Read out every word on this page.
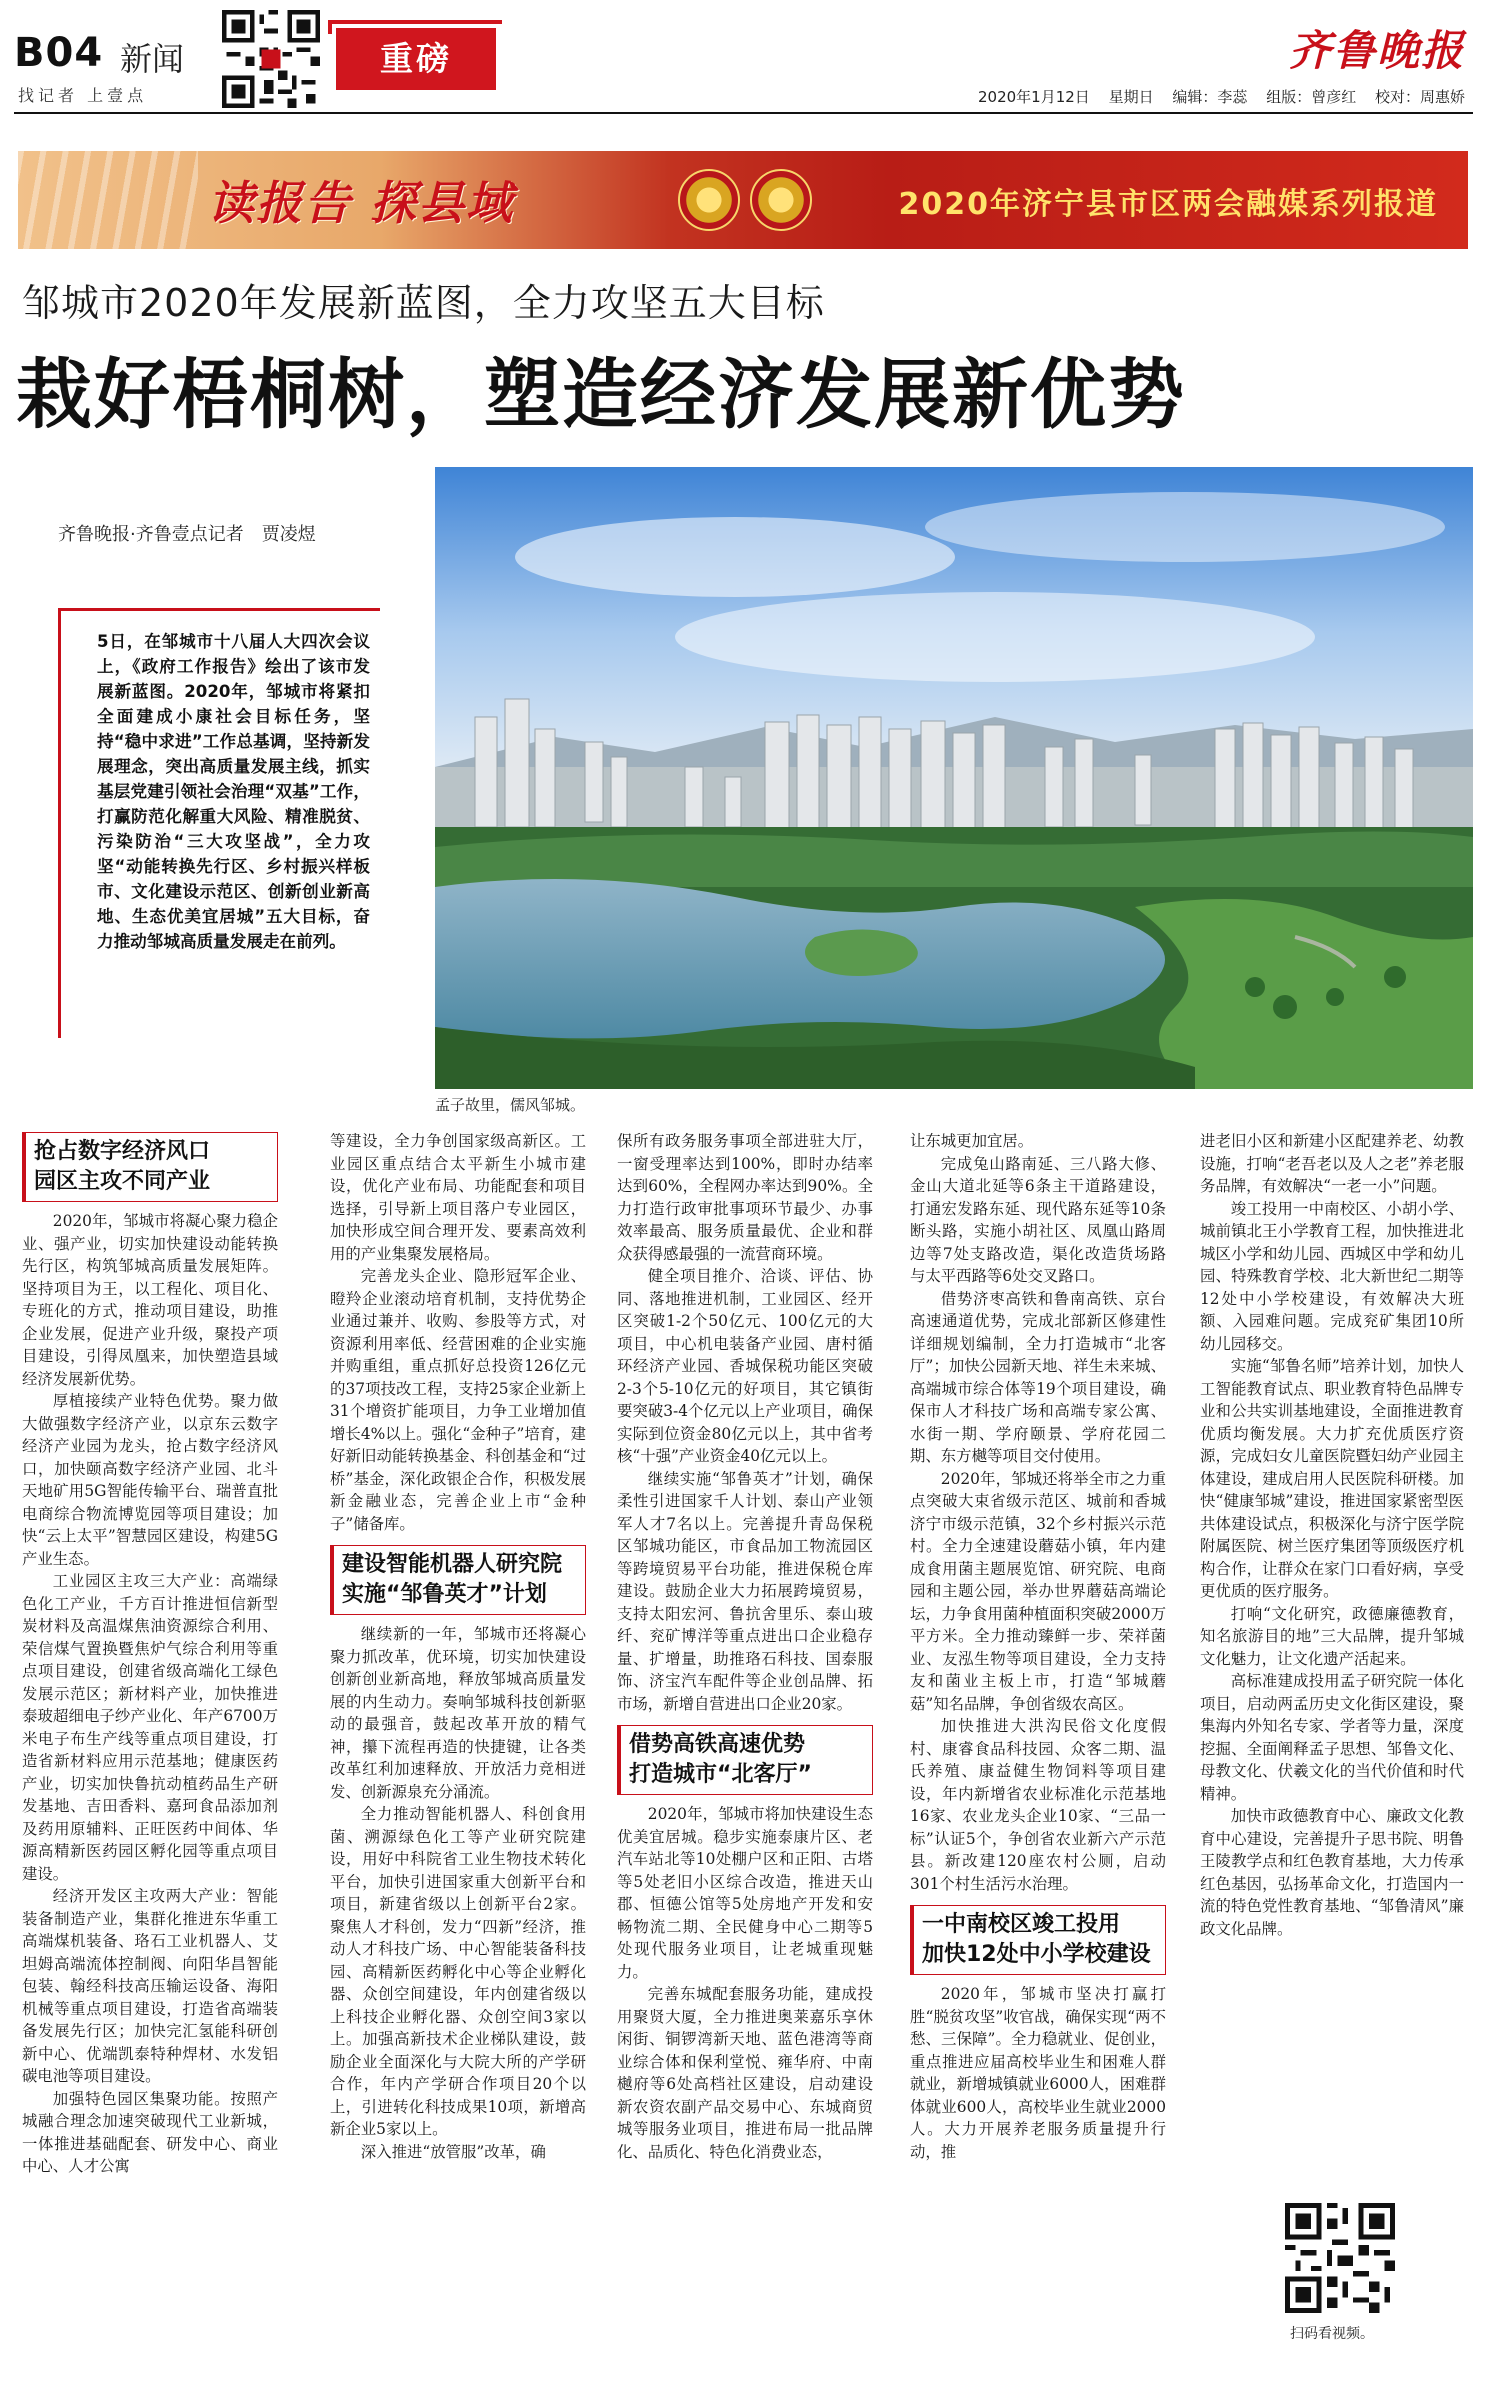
B04 新闻
找记者 上壹点
重磅	齐鲁晚报
2020年1月12日 星期日 编辑：李蕊 组版：曾彦红 校对：周惠娇
读报告 探县域	2020年济宁县市区两会融媒系列报道
邹城市2020年发展新蓝图，全力攻坚五大目标
栽好梧桐树，塑造经济发展新优势
齐鲁晚报·齐鲁壹点记者　贾凌煜
5日，在邹城市十八届人大四次会议上，《政府工作报告》绘出了该市发展新蓝图。2020年，邹城市将紧扣全面建成小康社会目标任务，坚持“稳中求进”工作总基调，坚持新发展理念，突出高质量发展主线，抓实基层党建引领社会治理“双基”工作，打赢防范化解重大风险、精准脱贫、污染防治“三大攻坚战”，全力攻坚“动能转换先行区、乡村振兴样板市、文化建设示范区、创新创业新高地、生态优美宜居城”五大目标，奋力推动邹城高质量发展走在前列。
孟子故里，儒风邹城。
抢占数字经济风口
园区主攻不同产业

2020年，邹城市将凝心聚力稳企业、强产业，切实加快建设动能转换先行区，构筑邹城高质量发展矩阵。坚持项目为王，以工程化、项目化、专班化的方式，推动项目建设，助推企业发展，促进产业升级，聚投产项目建设，引得凤凰来，加快塑造县域经济发展新优势。

厚植接续产业特色优势。聚力做大做强数字经济产业，以京东云数字经济产业园为龙头，抢占数字经济风口，加快颐高数字经济产业园、北斗天地矿用5G智能传输平台、瑞普直批电商综合物流博览园等项目建设；加快“云上太平”智慧园区建设，构建5G产业生态。

工业园区主攻三大产业：高端绿色化工产业，千方百计推进恒信新型炭材料及高温煤焦油资源综合利用、荣信煤气置换暨焦炉气综合利用等重点项目建设，创建省级高端化工绿色发展示范区；新材料产业，加快推进泰玻超细电子纱产业化、年产6700万米电子布生产线等重点项目建设，打造省新材料应用示范基地；健康医药产业，切实加快鲁抗动植药品生产研发基地、吉田香料、嘉珂食品添加剂及药用原辅料、正旺医药中间体、华源高精新医药园区孵化园等重点项目建设。

经济开发区主攻两大产业：智能装备制造产业，集群化推进东华重工高端煤机装备、珞石工业机器人、艾坦姆高端流体控制阀、向阳华昌智能包装、翰经科技高压输运设备、海阳机械等重点项目建设，打造省高端装备发展先行区；加快完汇氢能科研创新中心、优端凯泰特种焊材、水发铝碳电池等项目建设。

加强特色园区集聚功能。按照产城融合理念加速突破现代工业新城，一体推进基础配套、研发中心、商业中心、人才公寓

等建设，全力争创国家级高新区。工业园区重点结合太平新生小城市建设，优化产业布局、功能配套和项目选择，引导新上项目落户专业园区，加快形成空间合理开发、要素高效利用的产业集聚发展格局。

完善龙头企业、隐形冠军企业、瞪羚企业滚动培育机制，支持优势企业通过兼并、收购、参股等方式，对资源利用率低、经营困难的企业实施并购重组，重点抓好总投资126亿元的37项技改工程，支持25家企业新上31个增资扩能项目，力争工业增加值增长4%以上。强化“金种子”培育，建好新旧动能转换基金、科创基金和“过桥”基金，深化政银企合作，积极发展新金融业态，完善企业上市“金种子”储备库。

建设智能机器人研究院
实施“邹鲁英才”计划

继续新的一年，邹城市还将凝心聚力抓改革，优环境，切实加快建设创新创业新高地，释放邹城高质量发展的内生动力。奏响邹城科技创新驱动的最强音，鼓起改革开放的精气神，攥下流程再造的快捷键，让各类改革红利加速释放、开放活力竞相迸发、创新源泉充分涌流。

全力推动智能机器人、科创食用菌、溯源绿色化工等产业研究院建设，用好中科院省工业生物技术转化平台，加快引进国家重大创新平台和项目，新建省级以上创新平台2家。聚焦人才科创，发力“四新”经济，推动人才科技广场、中心智能装备科技园、高精新医药孵化中心等企业孵化器、众创空间建设，年内创建省级以上科技企业孵化器、众创空间3家以上。加强高新技术企业梯队建设，鼓励企业全面深化与大院大所的产学研合作，年内产学研合作项目20个以上，引进转化科技成果10项，新增高新企业5家以上。

深入推进“放管服”改革，确

保所有政务服务事项全部进驻大厅，一窗受理率达到100%，即时办结率达到60%，全程网办率达到90%。全力打造行政审批事项环节最少、办事效率最高、服务质量最优、企业和群众获得感最强的一流营商环境。

健全项目推介、洽谈、评估、协同、落地推进机制，工业园区、经开区突破1-2个50亿元、100亿元的大项目，中心机电装备产业园、唐村循环经济产业园、香城保税功能区突破2-3个5-10亿元的好项目，其它镇街要突破3-4个亿元以上产业项目，确保实际到位资金80亿元以上，其中省考核“十强”产业资金40亿元以上。

继续实施“邹鲁英才”计划，确保柔性引进国家千人计划、泰山产业领军人才7名以上。完善提升青岛保税区邹城功能区，市食品加工物流园区等跨境贸易平台功能，推进保税仓库建设。鼓励企业大力拓展跨境贸易，支持太阳宏河、鲁抗舍里乐、泰山玻纤、兖矿博洋等重点进出口企业稳存量、扩增量，助推珞石科技、国泰服饰、济宝汽车配件等企业创品牌、拓市场，新增自营进出口企业20家。

借势高铁高速优势
打造城市“北客厅”

2020年，邹城市将加快建设生态优美宜居城。稳步实施泰康片区、老汽车站北等10处棚户区和正阳、古塔等5处老旧小区综合改造，推进天山郡、恒德公馆等5处房地产开发和安畅物流二期、全民健身中心二期等5处现代服务业项目，让老城重现魅力。

完善东城配套服务功能，建成投用聚贤大厦，全力推进奥莱嘉乐享休闲街、铜锣湾新天地、蓝色港湾等商业综合体和保利堂悦、雍华府、中南樾府等6处高档社区建设，启动建设新农资农副产品交易中心、东城商贸城等服务业项目，推进布局一批品牌化、品质化、特色化消费业态，

让东城更加宜居。

完成兔山路南延、三八路大修、金山大道北延等6条主干道路建设，打通宏发路东延、现代路东延等10条断头路，实施小胡社区、凤凰山路周边等7处支路改造，渠化改造货场路与太平西路等6处交叉路口。

借势济枣高铁和鲁南高铁、京台高速通道优势，完成北部新区修建性详细规划编制，全力打造城市“北客厅”；加快公园新天地、祥生未来城、高端城市综合体等19个项目建设，确保市人才科技广场和高端专家公寓、水街一期、学府颐景、学府花园二期、东方樾等项目交付使用。

2020年，邹城还将举全市之力重点突破大束省级示范区、城前和香城济宁市级示范镇，32个乡村振兴示范村。全力全速建设蘑菇小镇，年内建成食用菌主题展览馆、研究院、电商园和主题公园，举办世界蘑菇高端论坛，力争食用菌种植面积突破2000万平方米。全力推动臻鲜一步、荣祥菌业、友泓生物等项目建设，全力支持友和菌业主板上市，打造“邹城蘑菇”知名品牌，争创省级农高区。

加快推进大洪沟民俗文化度假村、康睿食品科技园、众客二期、温氏养殖、康益健生物饲料等项目建设，年内新增省农业标准化示范基地16家、农业龙头企业10家、“三品一标”认证5个，争创省农业新六产示范县。新改建120座农村公厕，启动301个村生活污水治理。

一中南校区竣工投用
加快12处中小学校建设

2020年，邹城市坚决打赢打胜“脱贫攻坚”收官战，确保实现“两不愁、三保障”。全力稳就业、促创业，重点推进应届高校毕业生和困难人群就业，新增城镇就业6000人，困难群体就业600人，高校毕业生就业2000人。大力开展养老服务质量提升行动，推

进老旧小区和新建小区配建养老、幼教设施，打响“老吾老以及人之老”养老服务品牌，有效解决“一老一小”问题。

竣工投用一中南校区、小胡小学、城前镇北王小学教育工程，加快推进北城区小学和幼儿园、西城区中学和幼儿园、特殊教育学校、北大新世纪二期等12处中小学校建设，有效解决大班额、入园难问题。完成兖矿集团10所幼儿园移交。

实施“邹鲁名师”培养计划，加快人工智能教育试点、职业教育特色品牌专业和公共实训基地建设，全面推进教育优质均衡发展。大力扩充优质医疗资源，完成妇女儿童医院暨妇幼产业园主体建设，建成启用人民医院科研楼。加快“健康邹城”建设，推进国家紧密型医共体建设试点，积极深化与济宁医学院附属医院、树兰医疗集团等顶级医疗机构合作，让群众在家门口看好病，享受更优质的医疗服务。

打响“文化研究，政德廉德教育，知名旅游目的地”三大品牌，提升邹城文化魅力，让文化遗产活起来。

高标准建成投用孟子研究院一体化项目，启动两孟历史文化街区建设，聚集海内外知名专家、学者等力量，深度挖掘、全面阐释孟子思想、邹鲁文化、母教文化、伏羲文化的当代价值和时代精神。

加快市政德教育中心、廉政文化教育中心建设，完善提升子思书院、明鲁王陵教学点和红色教育基地，大力传承红色基因，弘扬革命文化，打造国内一流的特色党性教育基地、“邹鲁清风”廉政文化品牌。

扫码看视频。
